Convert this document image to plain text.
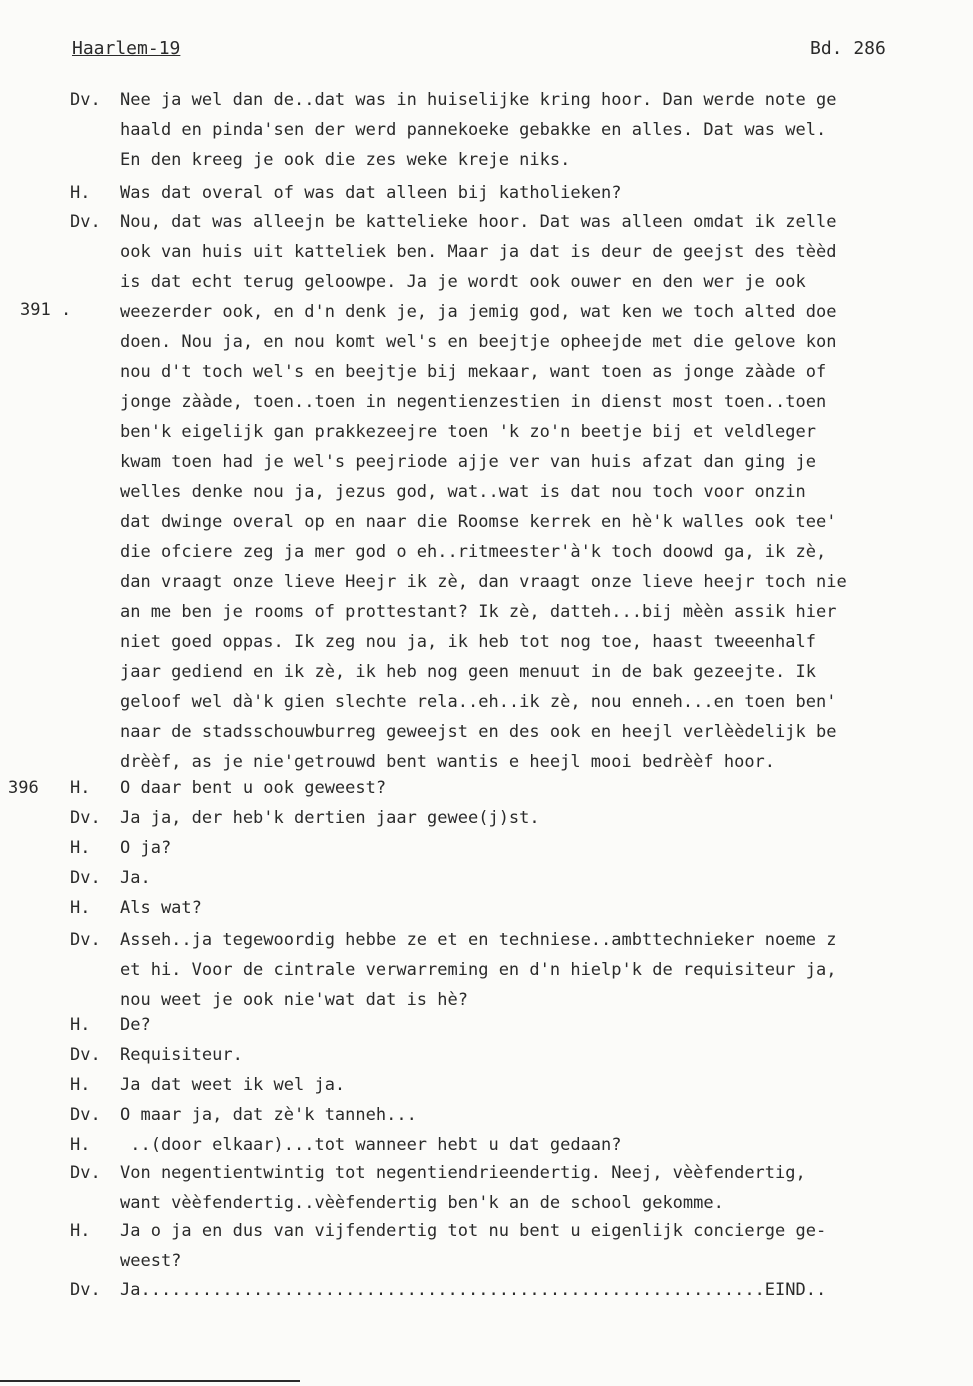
Haarlem-19	Bd. 286
391 .
396
Dv. Nee ja wel dan de..dat was in huiselijke kring hoor. Dan werde note ge
haald en pinda'sen der werd pannekoeke gebakke en alles. Dat was wel.
En den kreeg je ook die zes weke kreje niks.
H. Was dat overal of was dat alleen bij katholieken?
Dv. Nou, dat was alleejn be kattelieke hoor. Dat was alleen omdat ik zelle
ook van huis uit katteliek ben. Maar ja dat is deur de geejst des tèèd
is dat echt terug geloowpe. Ja je wordt ook ouwer en den wer je ook
weezerder ook, en d'n denk je, ja jemig god, wat ken we toch alted doe
doen. Nou ja, en nou komt wel's en beejtje opheejde met die gelove kon
nou d't toch wel's en beejtje bij mekaar, want toen as jonge zààde of
jonge zààde, toen..toen in negentienzestien in dienst most toen..toen
ben'k eigelijk gan prakkezeejre toen 'k zo'n beetje bij et veldleger
kwam toen had je wel's peejriode ajje ver van huis afzat dan ging je
welles denke nou ja, jezus god, wat..wat is dat nou toch voor onzin
dat dwinge overal op en naar die Roomse kerrek en hè'k walles ook tee'
die ofciere zeg ja mer god o eh..ritmeester'à'k toch doowd ga, ik zè,
dan vraagt onze lieve Heejr ik zè, dan vraagt onze lieve heejr toch nie
an me ben je rooms of prottestant? Ik zè, datteh...bij mèèn assik hier
niet goed oppas. Ik zeg nou ja, ik heb tot nog toe, haast tweeenhalf
jaar gediend en ik zè, ik heb nog geen menuut in de bak gezeejte. Ik
geloof wel dà'k gien slechte rela..eh..ik zè, nou enneh...en toen ben'
naar de stadsschouwburreg geweejst en des ook en heejl verlèèdelijk be
drèèf, as je nie'getrouwd bent wantis e heejl mooi bedrèèf hoor.
H. O daar bent u ook geweest?
Dv. Ja ja, der heb'k dertien jaar gewee(j)st.
H. O ja?
Dv. Ja.
H. Als wat?
Dv. Asseh..ja tegewoordig hebbe ze et en techniese..ambttechnieker noeme z
et hi. Voor de cintrale verwarreming en d'n hielp'k de requisiteur ja,
nou weet je ook nie'wat dat is hè?
H. De?
Dv. Requisiteur.
H. Ja dat weet ik wel ja.
Dv. O maar ja, dat zè'k tanneh...
H. ..(door elkaar)...tot wanneer hebt u dat gedaan?
Dv. Von negentientwintig tot negentiendrieendertig. Neej, vèèfendertig,
want vèèfendertig..vèèfendertig ben'k an de school gekomme.
H. Ja o ja en dus van vijfendertig tot nu bent u eigenlijk concierge ge-
weest?
Dv. Ja.............................................................EIND..
